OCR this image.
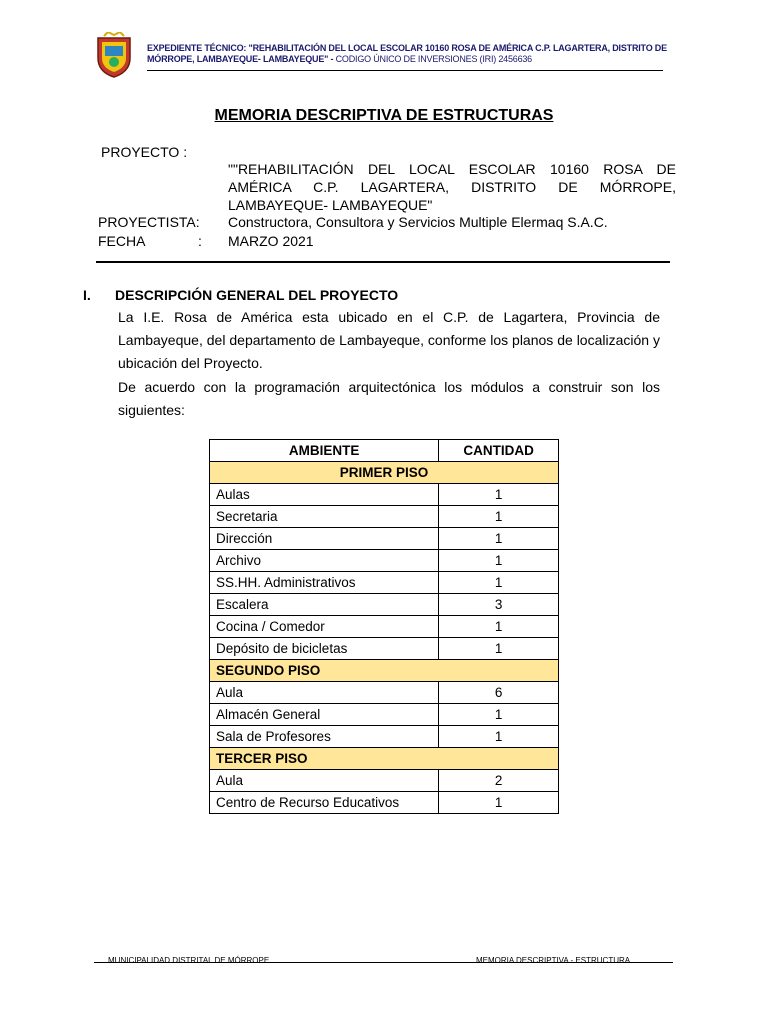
EXPEDIENTE TÉCNICO: "REHABILITACIÓN DEL LOCAL ESCOLAR 10160 ROSA DE AMÉRICA C.P. LAGARTERA, DISTRITO DE
MÓRROPE, LAMBAYEQUE- LAMBAYEQUE" - CODIGO ÚNICO DE INVERSIONES (IRI) 2456636
MEMORIA DESCRIPTIVA DE ESTRUCTURAS
PROYECTO :
""REHABILITACIÓN DEL LOCAL ESCOLAR 10160 ROSA DE AMÉRICA C.P. LAGARTERA, DISTRITO DE MÓRROPE, LAMBAYEQUE- LAMBAYEQUE"
PROYECTISTA: Constructora, Consultora y Servicios Multiple Elermaq S.A.C.
FECHA	: MARZO 2021
I. DESCRIPCIÓN GENERAL DEL PROYECTO
La I.E. Rosa de América esta ubicado en el C.P. de Lagartera, Provincia de Lambayeque, del departamento de Lambayeque, conforme los planos de localización y ubicación del Proyecto.
De acuerdo con la programación arquitectónica los módulos a construir son los siguientes:
AMBIENTE	CANTIDAD
PRIMER PISO	
Aulas	1
Secretaria	1
Dirección	1
Archivo	1
SS.HH. Administrativos	1
Escalera	3
Cocina / Comedor	1
Depósito de bicicletas	1
SEGUNDO PISO	
Aula	6
Almacén General	1
Sala de Profesores	1
TERCER PISO	
Aula	2
Centro de Recurso Educativos	1
MUNICIPALIDAD DISTRITAL DE MÓRROPE	MEMORIA DESCRIPTIVA - ESTRUCTURA
